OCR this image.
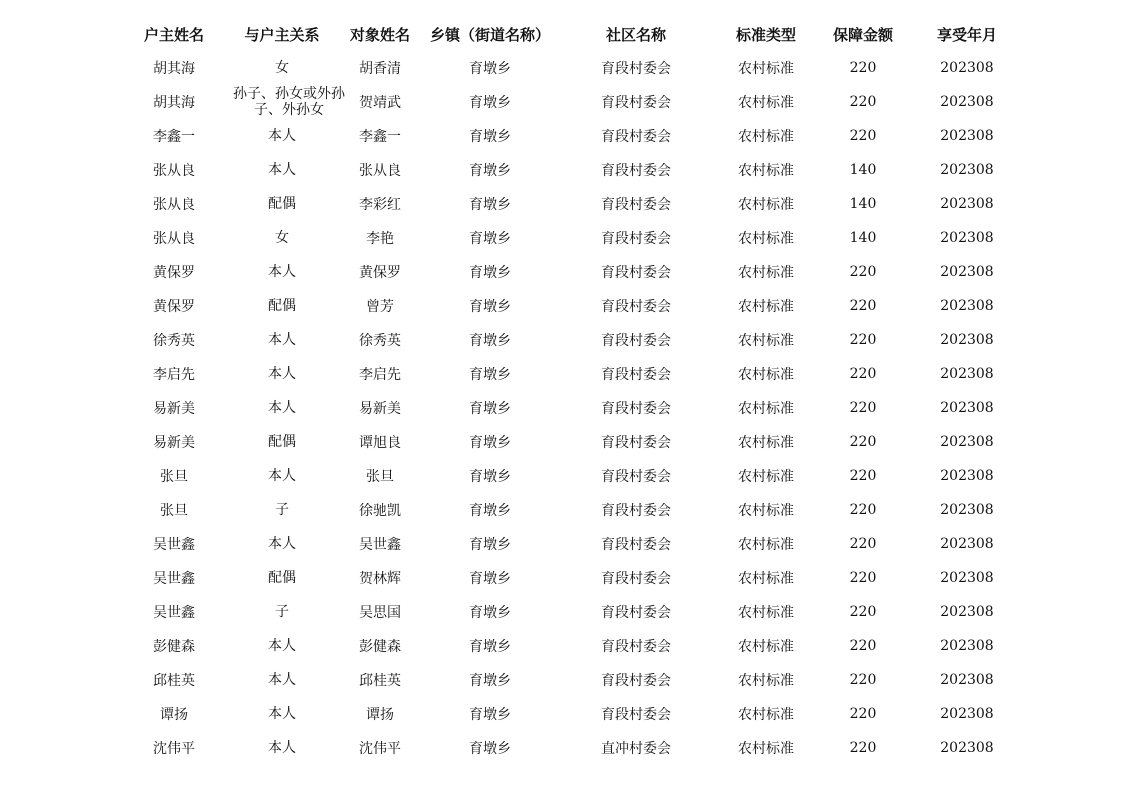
户主姓名	与户主关系	对象姓名	乡镇（街道名称）	社区名称	标准类型	保障金额	享受年月
胡其海	女	胡香清	育墩乡	育段村委会	农村标准	220	202308
胡其海	孙子、孙女或外孙子、外孙女	贺靖武	育墩乡	育段村委会	农村标准	220	202308
李鑫一	本人	李鑫一	育墩乡	育段村委会	农村标准	220	202308
张从良	本人	张从良	育墩乡	育段村委会	农村标准	140	202308
张从良	配偶	李彩红	育墩乡	育段村委会	农村标准	140	202308
张从良	女	李艳	育墩乡	育段村委会	农村标准	140	202308
黄保罗	本人	黄保罗	育墩乡	育段村委会	农村标准	220	202308
黄保罗	配偶	曾芳	育墩乡	育段村委会	农村标准	220	202308
徐秀英	本人	徐秀英	育墩乡	育段村委会	农村标准	220	202308
李启先	本人	李启先	育墩乡	育段村委会	农村标准	220	202308
易新美	本人	易新美	育墩乡	育段村委会	农村标准	220	202308
易新美	配偶	谭旭良	育墩乡	育段村委会	农村标准	220	202308
张旦	本人	张旦	育墩乡	育段村委会	农村标准	220	202308
张旦	子	徐驰凯	育墩乡	育段村委会	农村标准	220	202308
吴世鑫	本人	吴世鑫	育墩乡	育段村委会	农村标准	220	202308
吴世鑫	配偶	贺林辉	育墩乡	育段村委会	农村标准	220	202308
吴世鑫	子	吴思国	育墩乡	育段村委会	农村标准	220	202308
彭健森	本人	彭健森	育墩乡	育段村委会	农村标准	220	202308
邱桂英	本人	邱桂英	育墩乡	育段村委会	农村标准	220	202308
谭扬	本人	谭扬	育墩乡	育段村委会	农村标准	220	202308
沈伟平	本人	沈伟平	育墩乡	直冲村委会	农村标准	220	202308
